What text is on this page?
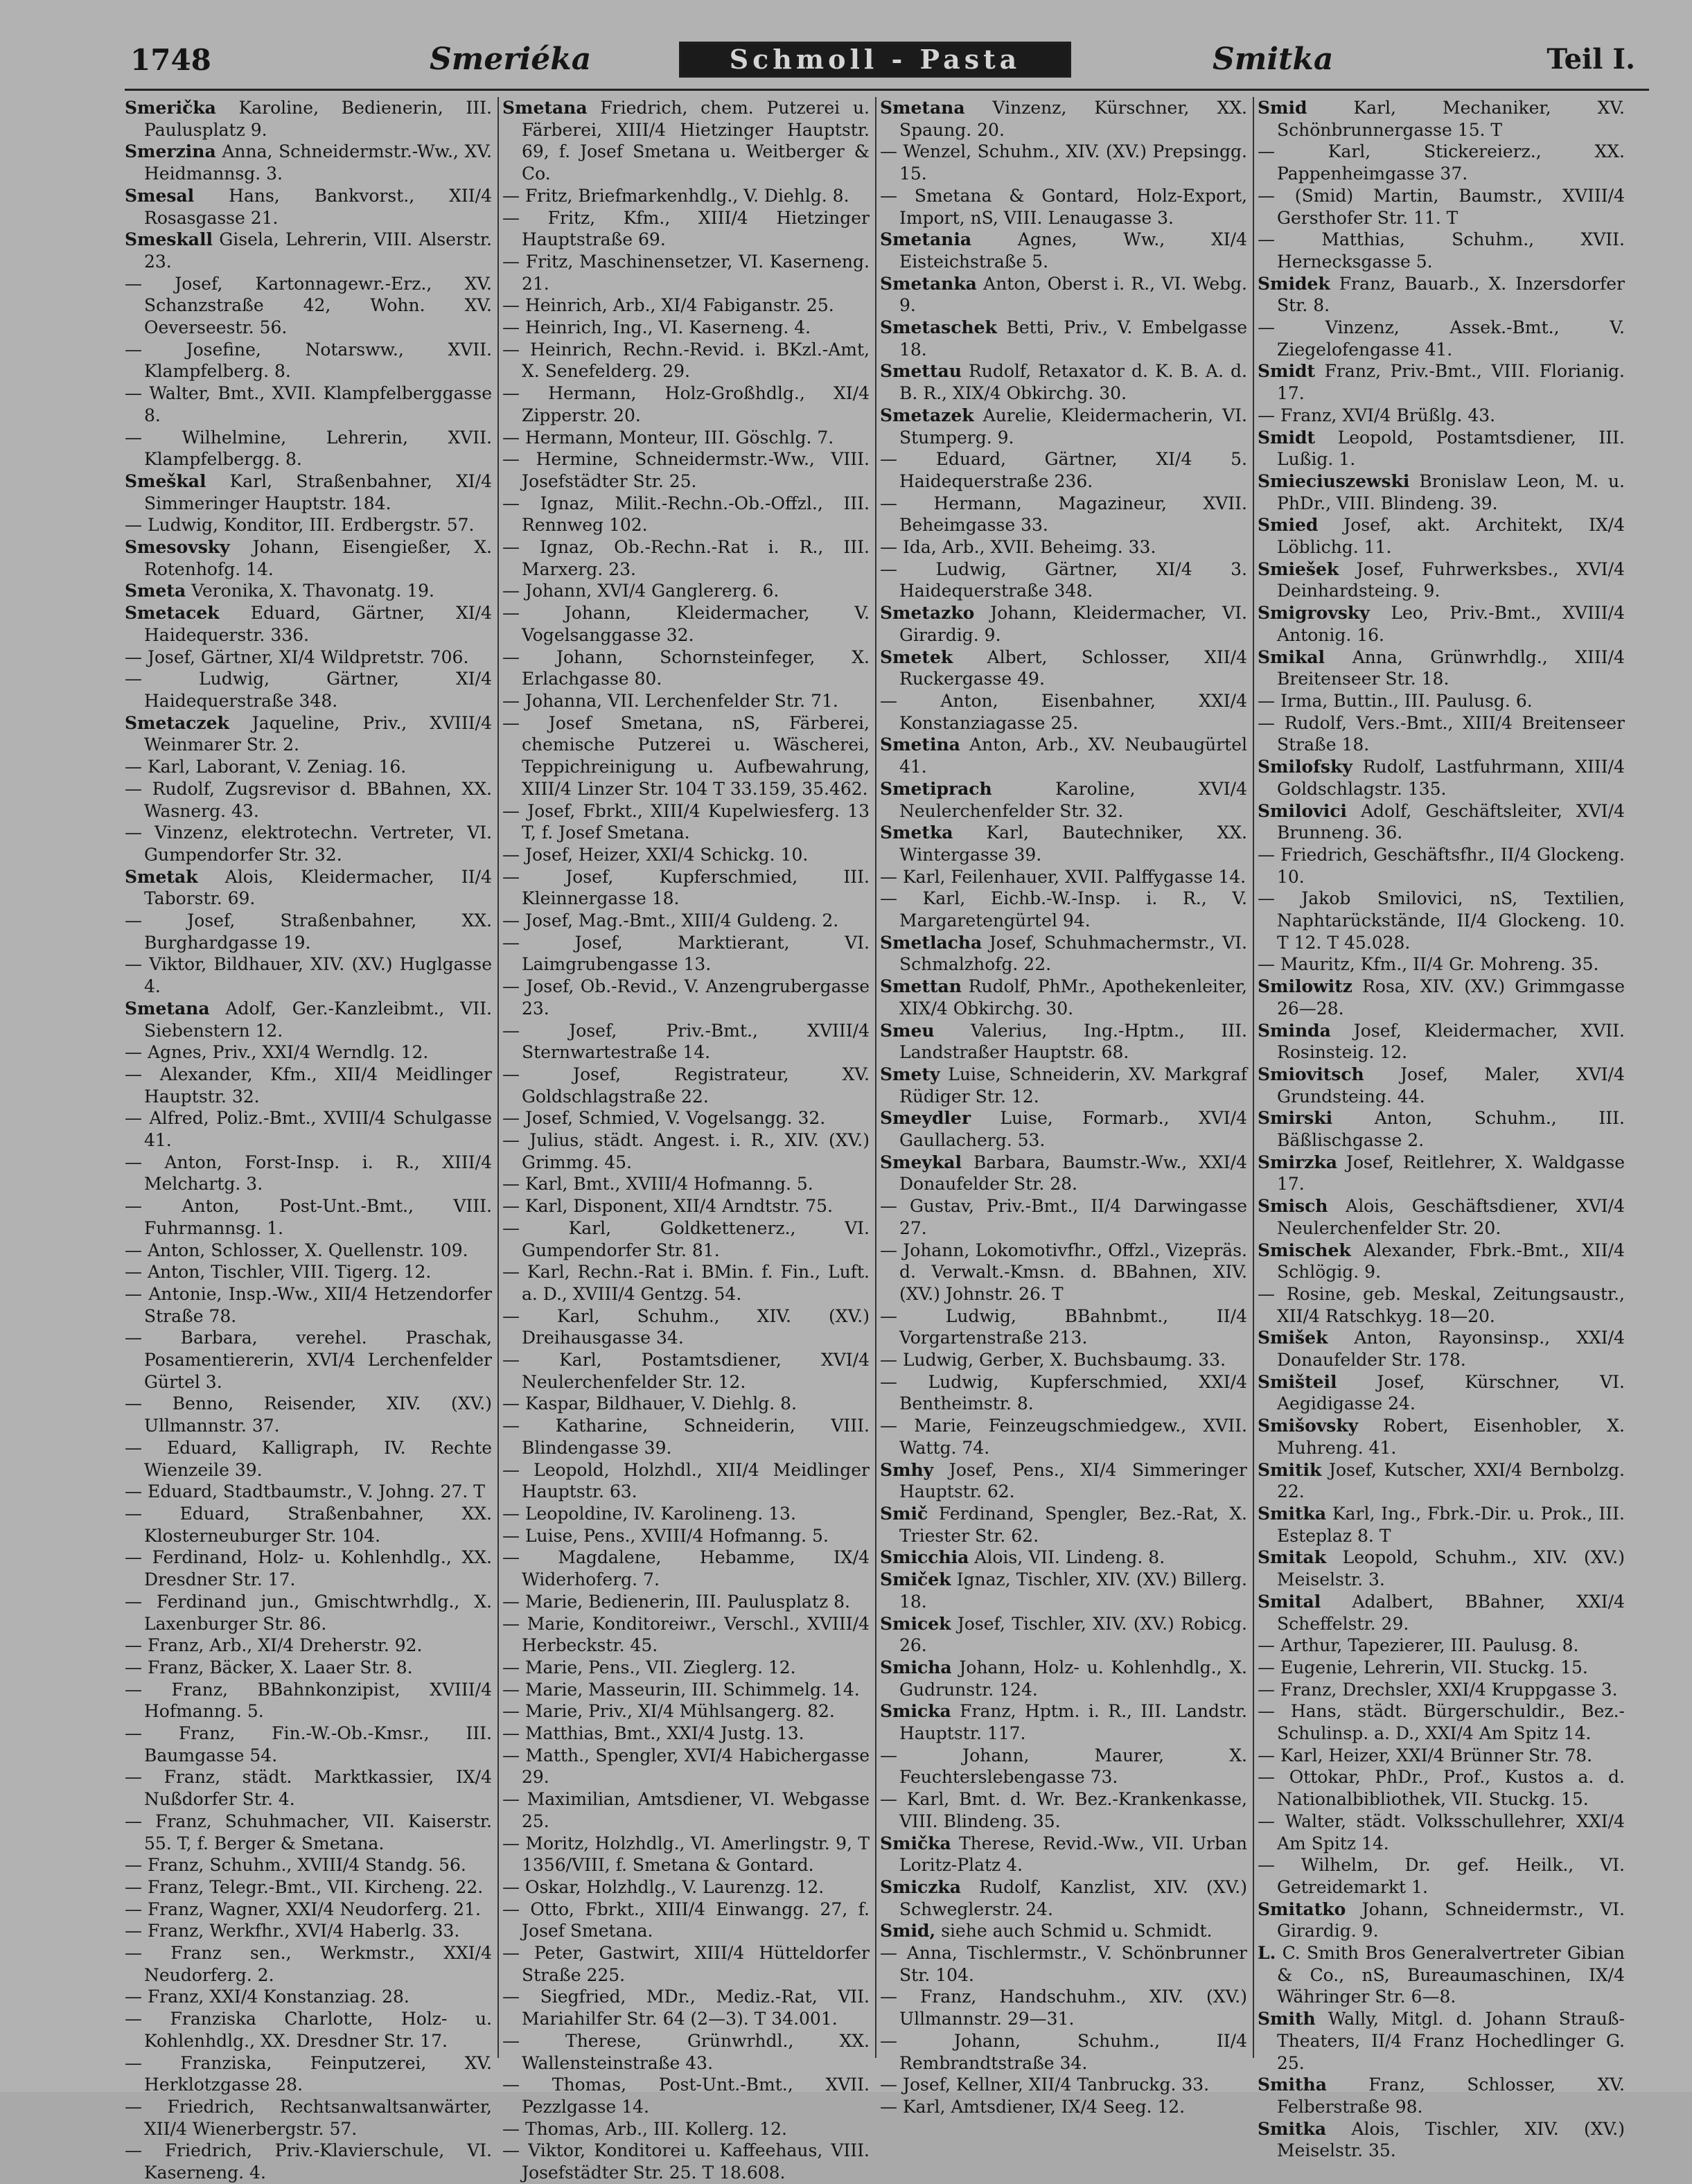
1748	Smeriéka	Schmoll - Pasta	Smitka	Teil I.

Smerička Karoline, Bedienerin, III. Paulusplatz 9.

Smerzina Anna, Schneidermstr.-Ww., XV. Heidmannsg. 3.

Smesal Hans, Bankvorst., XII/4 Rosasgasse 21.

Smeskall Gisela, Lehrerin, VIII. Alserstr. 23.

— Josef, Kartonnagewr.-Erz., XV. Schanzstraße 42, Wohn. XV. Oeverseestr. 56.

— Josefine, Notarsww., XVII. Klampfelberg. 8.

— Walter, Bmt., XVII. Klampfelberggasse 8.

— Wilhelmine, Lehrerin, XVII. Klampfelbergg. 8.

Smeškal Karl, Straßenbahner, XI/4 Simmeringer Hauptstr. 184.

— Ludwig, Konditor, III. Erdbergstr. 57.

Smesovsky Johann, Eisengießer, X. Rotenhofg. 14.

Smeta Veronika, X. Thavonatg. 19.

Smetacek Eduard, Gärtner, XI/4 Haidequerstr. 336.

— Josef, Gärtner, XI/4 Wildpretstr. 706.

— Ludwig, Gärtner, XI/4 Haidequerstraße 348.

Smetaczek Jaqueline, Priv., XVIII/4 Weinmarer Str. 2.

— Karl, Laborant, V. Zeniag. 16.

— Rudolf, Zugsrevisor d. BBahnen, XX. Wasnerg. 43.

— Vinzenz, elektrotechn. Vertreter, VI. Gumpendorfer Str. 32.

Smetak Alois, Kleidermacher, II/4 Taborstr. 69.

— Josef, Straßenbahner, XX. Burghardgasse 19.

— Viktor, Bildhauer, XIV. (XV.) Huglgasse 4.

Smetana Adolf, Ger.-Kanzleibmt., VII. Siebenstern 12.

— Agnes, Priv., XXI/4 Werndlg. 12.

— Alexander, Kfm., XII/4 Meidlinger Hauptstr. 32.

— Alfred, Poliz.-Bmt., XVIII/4 Schulgasse 41.

— Anton, Forst-Insp. i. R., XIII/4 Melchartg. 3.

— Anton, Post-Unt.-Bmt., VIII. Fuhrmannsg. 1.

— Anton, Schlosser, X. Quellenstr. 109.

— Anton, Tischler, VIII. Tigerg. 12.

— Antonie, Insp.-Ww., XII/4 Hetzendorfer Straße 78.

— Barbara, verehel. Praschak, Posamentiererin, XVI/4 Lerchenfelder Gürtel 3.

— Benno, Reisender, XIV. (XV.) Ullmannstr. 37.

— Eduard, Kalligraph, IV. Rechte Wienzeile 39.

— Eduard, Stadtbaumstr., V. Johng. 27. T

— Eduard, Straßenbahner, XX. Klosterneuburger Str. 104.

— Ferdinand, Holz- u. Kohlenhdlg., XX. Dresdner Str. 17.

— Ferdinand jun., Gmischtwrhdlg., X. Laxenburger Str. 86.

— Franz, Arb., XI/4 Dreherstr. 92.

— Franz, Bäcker, X. Laaer Str. 8.

— Franz, BBahnkonzipist, XVIII/4 Hofmanng. 5.

— Franz, Fin.-W.-Ob.-Kmsr., III. Baumgasse 54.

— Franz, städt. Marktkassier, IX/4 Nußdorfer Str. 4.

— Franz, Schuhmacher, VII. Kaiserstr. 55. T, f. Berger & Smetana.

— Franz, Schuhm., XVIII/4 Standg. 56.

— Franz, Telegr.-Bmt., VII. Kircheng. 22.

— Franz, Wagner, XXI/4 Neudorferg. 21.

— Franz, Werkfhr., XVI/4 Haberlg. 33.

— Franz sen., Werkmstr., XXI/4 Neudorferg. 2.

— Franz, XXI/4 Konstanziag. 28.

— Franziska Charlotte, Holz- u. Kohlenhdlg., XX. Dresdner Str. 17.

— Franziska, Feinputzerei, XV. Herklotzgasse 28.

— Friedrich, Rechtsanwaltsanwärter, XII/4 Wienerbergstr. 57.

— Friedrich, Priv.-Klavierschule, VI. Kaserneng. 4.

Smetana Friedrich, chem. Putzerei u. Färberei, XIII/4 Hietzinger Hauptstr. 69, f. Josef Smetana u. Weitberger & Co.

— Fritz, Briefmarkenhdlg., V. Diehlg. 8.

— Fritz, Kfm., XIII/4 Hietzinger Hauptstraße 69.

— Fritz, Maschinensetzer, VI. Kaserneng. 21.

— Heinrich, Arb., XI/4 Fabiganstr. 25.

— Heinrich, Ing., VI. Kaserneng. 4.

— Heinrich, Rechn.-Revid. i. BKzl.-Amt, X. Senefelderg. 29.

— Hermann, Holz-Großhdlg., XI/4 Zipperstr. 20.

— Hermann, Monteur, III. Göschlg. 7.

— Hermine, Schneidermstr.-Ww., VIII. Josefstädter Str. 25.

— Ignaz, Milit.-Rechn.-Ob.-Offzl., III. Rennweg 102.

— Ignaz, Ob.-Rechn.-Rat i. R., III. Marxerg. 23.

— Johann, XVI/4 Ganglererg. 6.

— Johann, Kleidermacher, V. Vogelsanggasse 32.

— Johann, Schornsteinfeger, X. Erlachgasse 80.

— Johanna, VII. Lerchenfelder Str. 71.

— Josef Smetana, nS, Färberei, chemische Putzerei u. Wäscherei, Teppichreinigung u. Aufbewahrung, XIII/4 Linzer Str. 104 T 33.159, 35.462.

— Josef, Fbrkt., XIII/4 Kupelwiesferg. 13 T, f. Josef Smetana.

— Josef, Heizer, XXI/4 Schickg. 10.

— Josef, Kupferschmied, III. Kleinnergasse 18.

— Josef, Mag.-Bmt., XIII/4 Guldeng. 2.

— Josef, Marktierant, VI. Laimgrubengasse 13.

— Josef, Ob.-Revid., V. Anzengrubergasse 23.

— Josef, Priv.-Bmt., XVIII/4 Sternwartestraße 14.

— Josef, Registrateur, XV. Goldschlagstraße 22.

— Josef, Schmied, V. Vogelsangg. 32.

— Julius, städt. Angest. i. R., XIV. (XV.) Grimmg. 45.

— Karl, Bmt., XVIII/4 Hofmanng. 5.

— Karl, Disponent, XII/4 Arndtstr. 75.

— Karl, Goldkettenerz., VI. Gumpendorfer Str. 81.

— Karl, Rechn.-Rat i. BMin. f. Fin., Luft. a. D., XVIII/4 Gentzg. 54.

— Karl, Schuhm., XIV. (XV.) Dreihausgasse 34.

— Karl, Postamtsdiener, XVI/4 Neulerchenfelder Str. 12.

— Kaspar, Bildhauer, V. Diehlg. 8.

— Katharine, Schneiderin, VIII. Blindengasse 39.

— Leopold, Holzhdl., XII/4 Meidlinger Hauptstr. 63.

— Leopoldine, IV. Karolineng. 13.

— Luise, Pens., XVIII/4 Hofmanng. 5.

— Magdalene, Hebamme, IX/4 Widerhoferg. 7.

— Marie, Bedienerin, III. Paulusplatz 8.

— Marie, Konditoreiwr., Verschl., XVIII/4 Herbeckstr. 45.

— Marie, Pens., VII. Zieglerg. 12.

— Marie, Masseurin, III. Schimmelg. 14.

— Marie, Priv., XI/4 Mühlsangerg. 82.

— Matthias, Bmt., XXI/4 Justg. 13.

— Matth., Spengler, XVI/4 Habichergasse 29.

— Maximilian, Amtsdiener, VI. Webgasse 25.

— Moritz, Holzhdlg., VI. Amerlingstr. 9, T 1356/VIII, f. Smetana & Gontard.

— Oskar, Holzhdlg., V. Laurenzg. 12.

— Otto, Fbrkt., XIII/4 Einwangg. 27, f. Josef Smetana.

— Peter, Gastwirt, XIII/4 Hütteldorfer Straße 225.

— Siegfried, MDr., Mediz.-Rat, VII. Mariahilfer Str. 64 (2—3). T 34.001.

— Therese, Grünwrhdl., XX. Wallensteinstraße 43.

— Thomas, Post-Unt.-Bmt., XVII. Pezzlgasse 14.

— Thomas, Arb., III. Kollerg. 12.

— Viktor, Konditorei u. Kaffeehaus, VIII. Josefstädter Str. 25. T 18.608.

Smetana Vinzenz, Kürschner, XX. Spaung. 20.

— Wenzel, Schuhm., XIV. (XV.) Prepsingg. 15.

— Smetana & Gontard, Holz-Export, Import, nS, VIII. Lenaugasse 3.

Smetania Agnes, Ww., XI/4 Eisteichstraße 5.

Smetanka Anton, Oberst i. R., VI. Webg. 9.

Smetaschek Betti, Priv., V. Embelgasse 18.

Smettau Rudolf, Retaxator d. K. B. A. d. B. R., XIX/4 Obkirchg. 30.

Smetazek Aurelie, Kleidermacherin, VI. Stumperg. 9.

— Eduard, Gärtner, XI/4 5. Haidequerstraße 236.

— Hermann, Magazineur, XVII. Beheimgasse 33.

— Ida, Arb., XVII. Beheimg. 33.

— Ludwig, Gärtner, XI/4 3. Haidequerstraße 348.

Smetazko Johann, Kleidermacher, VI. Girardig. 9.

Smetek Albert, Schlosser, XII/4 Ruckergasse 49.

— Anton, Eisenbahner, XXI/4 Konstanziagasse 25.

Smetina Anton, Arb., XV. Neubaugürtel 41.

Smetiprach Karoline, XVI/4 Neulerchenfelder Str. 32.

Smetka Karl, Bautechniker, XX. Wintergasse 39.

— Karl, Feilenhauer, XVII. Palffygasse 14.

— Karl, Eichb.-W.-Insp. i. R., V. Margaretengürtel 94.

Smetlacha Josef, Schuhmachermstr., VI. Schmalzhofg. 22.

Smettan Rudolf, PhMr., Apothekenleiter, XIX/4 Obkirchg. 30.

Smeu Valerius, Ing.-Hptm., III. Landstraßer Hauptstr. 68.

Smety Luise, Schneiderin, XV. Markgraf Rüdiger Str. 12.

Smeydler Luise, Formarb., XVI/4 Gaullacherg. 53.

Smeykal Barbara, Baumstr.-Ww., XXI/4 Donaufelder Str. 28.

— Gustav, Priv.-Bmt., II/4 Darwingasse 27.

— Johann, Lokomotivfhr., Offzl., Vizepräs. d. Verwalt.-Kmsn. d. BBahnen, XIV. (XV.) Johnstr. 26. T

— Ludwig, BBahnbmt., II/4 Vorgartenstraße 213.

— Ludwig, Gerber, X. Buchsbaumg. 33.

— Ludwig, Kupferschmied, XXI/4 Bentheimstr. 8.

— Marie, Feinzeugschmiedgew., XVII. Wattg. 74.

Smhy Josef, Pens., XI/4 Simmeringer Hauptstr. 62.

Smič Ferdinand, Spengler, Bez.-Rat, X. Triester Str. 62.

Smicchia Alois, VII. Lindeng. 8.

Smiček Ignaz, Tischler, XIV. (XV.) Billerg. 18.

Smicek Josef, Tischler, XIV. (XV.) Robicg. 26.

Smicha Johann, Holz- u. Kohlenhdlg., X. Gudrunstr. 124.

Smicka Franz, Hptm. i. R., III. Landstr. Hauptstr. 117.

— Johann, Maurer, X. Feuchterslebengasse 73.

— Karl, Bmt. d. Wr. Bez.-Krankenkasse, VIII. Blindeng. 35.

Smička Therese, Revid.-Ww., VII. Urban Loritz-Platz 4.

Smiczka Rudolf, Kanzlist, XIV. (XV.) Schweglerstr. 24.

Smid, siehe auch Schmid u. Schmidt.

— Anna, Tischlermstr., V. Schönbrunner Str. 104.

— Franz, Handschuhm., XIV. (XV.) Ullmannstr. 29—31.

— Johann, Schuhm., II/4 Rembrandtstraße 34.

— Josef, Kellner, XII/4 Tanbruckg. 33.

— Karl, Amtsdiener, IX/4 Seeg. 12.

Smid Karl, Mechaniker, XV. Schönbrunnergasse 15. T

— Karl, Stickereierz., XX. Pappenheimgasse 37.

— (Smid) Martin, Baumstr., XVIII/4 Gersthofer Str. 11. T

— Matthias, Schuhm., XVII. Hernecksgasse 5.

Smidek Franz, Bauarb., X. Inzersdorfer Str. 8.

— Vinzenz, Assek.-Bmt., V. Ziegelofengasse 41.

Smidt Franz, Priv.-Bmt., VIII. Florianig. 17.

— Franz, XVI/4 Brüßlg. 43.

Smidt Leopold, Postamtsdiener, III. Lußig. 1.

Smieciuszewski Bronislaw Leon, M. u. PhDr., VIII. Blindeng. 39.

Smied Josef, akt. Architekt, IX/4 Löblichg. 11.

Smiešek Josef, Fuhrwerksbes., XVI/4 Deinhardsteing. 9.

Smigrovsky Leo, Priv.-Bmt., XVIII/4 Antonig. 16.

Smikal Anna, Grünwrhdlg., XIII/4 Breitenseer Str. 18.

— Irma, Buttin., III. Paulusg. 6.

— Rudolf, Vers.-Bmt., XIII/4 Breitenseer Straße 18.

Smilofsky Rudolf, Lastfuhrmann, XIII/4 Goldschlagstr. 135.

Smilovici Adolf, Geschäftsleiter, XVI/4 Brunneng. 36.

— Friedrich, Geschäftsfhr., II/4 Glockeng. 10.

— Jakob Smilovici, nS, Textilien, Naphtarückstände, II/4 Glockeng. 10. T 12. T 45.028.

— Mauritz, Kfm., II/4 Gr. Mohreng. 35.

Smilowitz Rosa, XIV. (XV.) Grimmgasse 26—28.

Sminda Josef, Kleidermacher, XVII. Rosinsteig. 12.

Smiovitsch Josef, Maler, XVI/4 Grundsteing. 44.

Smirski Anton, Schuhm., III. Bäßlischgasse 2.

Smirzka Josef, Reitlehrer, X. Waldgasse 17.

Smisch Alois, Geschäftsdiener, XVI/4 Neulerchenfelder Str. 20.

Smischek Alexander, Fbrk.-Bmt., XII/4 Schlögig. 9.

— Rosine, geb. Meskal, Zeitungsaustr., XII/4 Ratschkyg. 18—20.

Smišek Anton, Rayonsinsp., XXI/4 Donaufelder Str. 178.

Smišteil Josef, Kürschner, VI. Aegidigasse 24.

Smišovsky Robert, Eisenhobler, X. Muhreng. 41.

Smitik Josef, Kutscher, XXI/4 Bernbolzg. 22.

Smitka Karl, Ing., Fbrk.-Dir. u. Prok., III. Esteplaz 8. T

Smitak Leopold, Schuhm., XIV. (XV.) Meiselstr. 3.

Smital Adalbert, BBahner, XXI/4 Scheffelstr. 29.

— Arthur, Tapezierer, III. Paulusg. 8.

— Eugenie, Lehrerin, VII. Stuckg. 15.

— Franz, Drechsler, XXI/4 Kruppgasse 3.

— Hans, städt. Bürgerschuldir., Bez.-Schulinsp. a. D., XXI/4 Am Spitz 14.

— Karl, Heizer, XXI/4 Brünner Str. 78.

— Ottokar, PhDr., Prof., Kustos a. d. Nationalbibliothek, VII. Stuckg. 15.

— Walter, städt. Volksschullehrer, XXI/4 Am Spitz 14.

— Wilhelm, Dr. gef. Heilk., VI. Getreidemarkt 1.

Smitatko Johann, Schneidermstr., VI. Girardig. 9.

L. C. Smith Bros Generalvertreter Gibian & Co., nS, Bureaumaschinen, IX/4 Währinger Str. 6—8.

Smith Wally, Mitgl. d. Johann Strauß-Theaters, II/4 Franz Hochedlinger G. 25.

Smitha Franz, Schlosser, XV. Felberstraße 98.

Smitka Alois, Tischler, XIV. (XV.) Meiselstr. 35.
